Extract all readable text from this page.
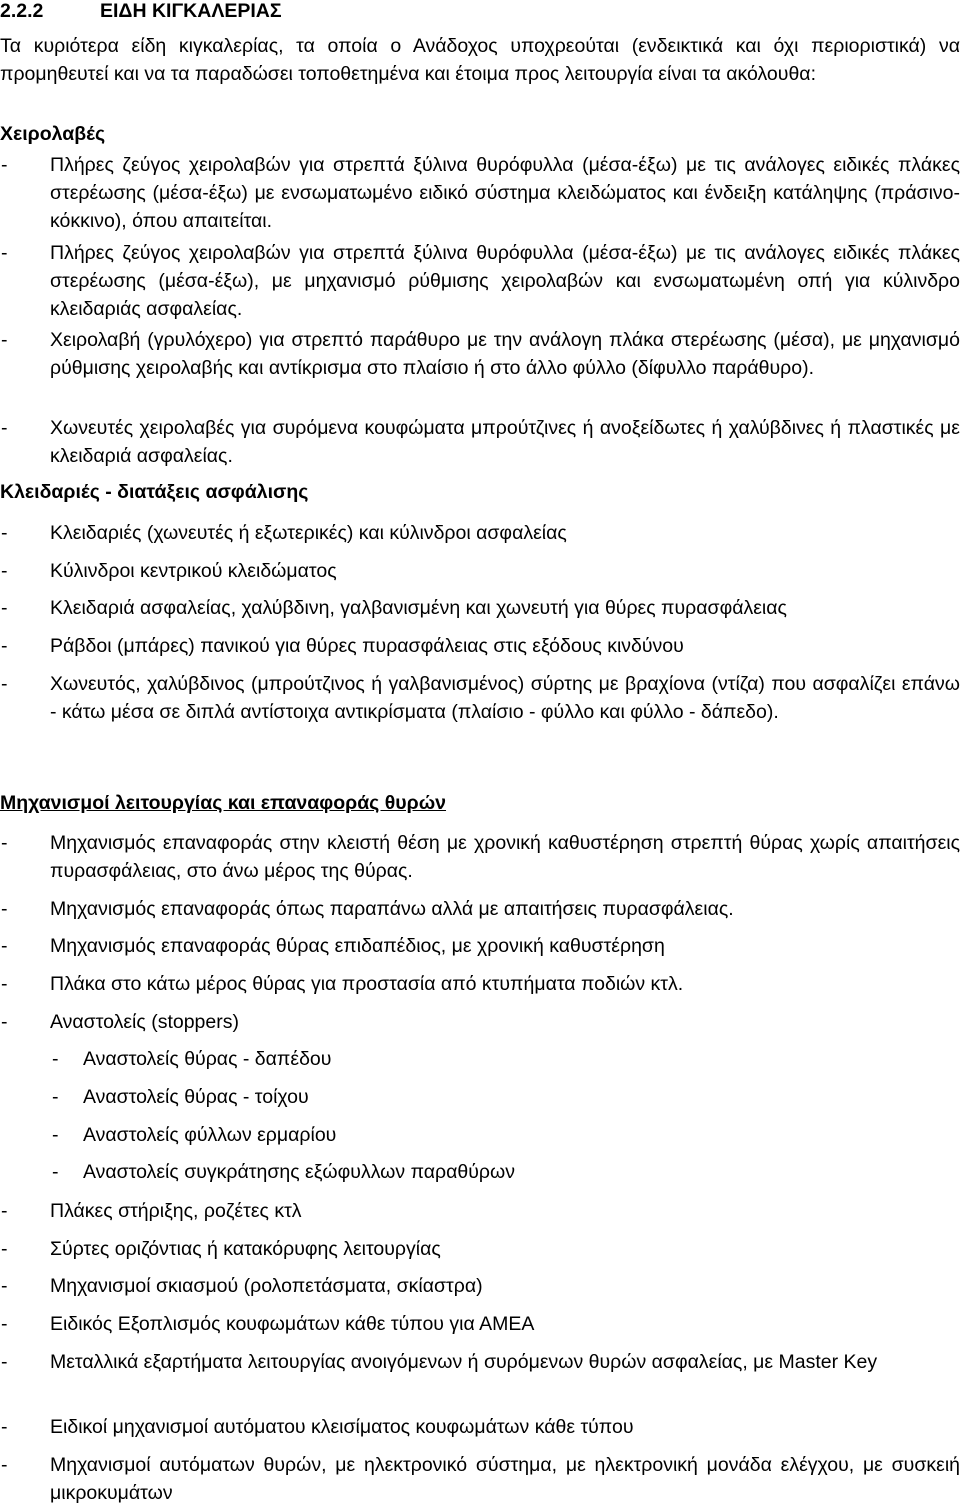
2.2.2	ΕΙΔΗ ΚΙΓΚΑΛΕΡΙΑΣ
Τα κυριότερα είδη κιγκαλερίας, τα οποία ο Ανάδοχος υποχρεούται (ενδεικτικά και όχι περιοριστικά) να προμηθευτεί και να τα παραδώσει τοποθετημένα και έτοιμα προς λειτουργία είναι τα ακόλουθα:
Χειρολαβές
- Πλήρες ζεύγος χειρολαβών για στρεπτά ξύλινα θυρόφυλλα (μέσα-έξω) με τις ανάλογες ειδικές πλάκες στερέωσης (μέσα-έξω) με ενσωματωμένο ειδικό σύστημα κλειδώματος και ένδειξη κατάληψης (πράσινο-κόκκινο), όπου απαιτείται.
- Πλήρες ζεύγος χειρολαβών για στρεπτά ξύλινα θυρόφυλλα (μέσα-έξω) με τις ανάλογες ειδικές πλάκες στερέωσης (μέσα-έξω), με μηχανισμό ρύθμισης χειρολαβών και ενσωματωμένη οπή για κύλινδρο κλειδαριάς ασφαλείας.
- Χειρολαβή (γρυλόχερο) για στρεπτό παράθυρο με την ανάλογη πλάκα στερέωσης (μέσα), με μηχανισμό ρύθμισης χειρολαβής και αντίκρισμα στο πλαίσιο ή στο άλλο φύλλο (δίφυλλο παράθυρο).
- Χωνευτές χειρολαβές για συρόμενα κουφώματα μπρούτζινες ή ανοξείδωτες ή χαλύβδινες ή πλαστικές με κλειδαριά ασφαλείας.
Κλειδαριές - διατάξεις ασφάλισης
- Κλειδαριές (χωνευτές ή εξωτερικές) και κύλινδροι ασφαλείας
- Κύλινδροι κεντρικού κλειδώματος
- Κλειδαριά ασφαλείας, χαλύβδινη, γαλβανισμένη και χωνευτή για θύρες πυρασφάλειας
- Ράβδοι (μπάρες) πανικού για θύρες πυρασφάλειας στις εξόδους κινδύνου
- Χωνευτός, χαλύβδινος (μπρούτζινος ή γαλβανισμένος) σύρτης με βραχίονα (ντίζα) που ασφαλίζει επάνω - κάτω μέσα σε διπλά αντίστοιχα αντικρίσματα (πλαίσιο - φύλλο και φύλλο - δάπεδο).
Μηχανισμοί λειτουργίας και επαναφοράς θυρών
- Μηχανισμός επαναφοράς στην κλειστή θέση με χρονική καθυστέρηση στρεπτή θύρας χωρίς απαιτήσεις πυρασφάλειας, στο άνω μέρος της θύρας.
- Μηχανισμός επαναφοράς όπως παραπάνω αλλά με απαιτήσεις πυρασφάλειας.
- Μηχανισμός επαναφοράς θύρας επιδαπέδιος, με χρονική καθυστέρηση
- Πλάκα στο κάτω μέρος θύρας για προστασία από κτυπήματα ποδιών κτλ.
- Αναστολείς (stoppers)
- Αναστολείς θύρας - δαπέδου
- Αναστολείς θύρας - τοίχου
- Αναστολείς φύλλων ερμαρίου
- Αναστολείς συγκράτησης εξώφυλλων παραθύρων
- Πλάκες στήριξης, ροζέτες κτλ
- Σύρτες οριζόντιας ή κατακόρυφης λειτουργίας
- Μηχανισμοί σκιασμού (ρολοπετάσματα, σκίαστρα)
- Ειδικός Εξοπλισμός κουφωμάτων κάθε τύπου για ΑΜΕΑ
- Μεταλλικά εξαρτήματα λειτουργίας ανοιγόμενων ή συρόμενων θυρών ασφαλείας, με Master Key
- Ειδικοί μηχανισμοί αυτόματου κλεισίματος κουφωμάτων κάθε τύπου
- Μηχανισμοί αυτόματων θυρών, με ηλεκτρονικό σύστημα, με ηλεκτρονική μονάδα ελέγχου, με συσκειή μικροκυμάτων
